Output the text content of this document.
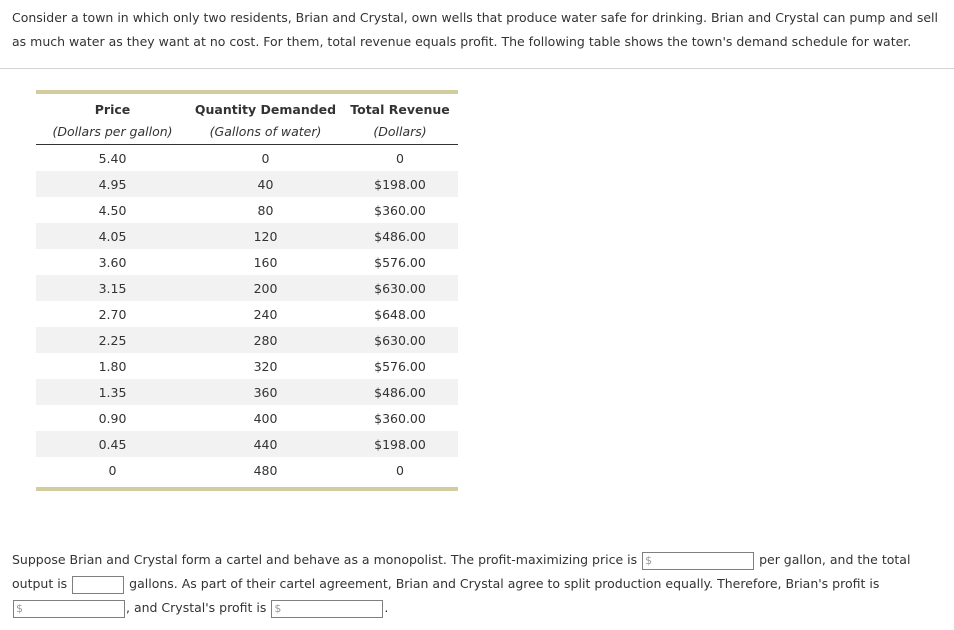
Consider a town in which only two residents, Brian and Crystal, own wells that produce water safe for drinking. Brian and Crystal can pump and sell as much water as they want at no cost. For them, total revenue equals profit. The following table shows the town's demand schedule for water.
Price	Quantity Demanded	Total Revenue
(Dollars per gallon)	(Gallons of water)	(Dollars)
5.40	0	0
4.95	40	$198.00
4.50	80	$360.00
4.05	120	$486.00
3.60	160	$576.00
3.15	200	$630.00
2.70	240	$648.00
2.25	280	$630.00
1.80	320	$576.00
1.35	360	$486.00
0.90	400	$360.00
0.45	440	$198.00
0	480	0
Suppose Brian and Crystal form a cartel and behave as a monopolist. The profit-maximizing price is $	per gallon, and the total output is	gallons. As part of their cartel agreement, Brian and Crystal agree to split production equally. Therefore, Brian's profit is $	, and Crystal's profit is $	.
